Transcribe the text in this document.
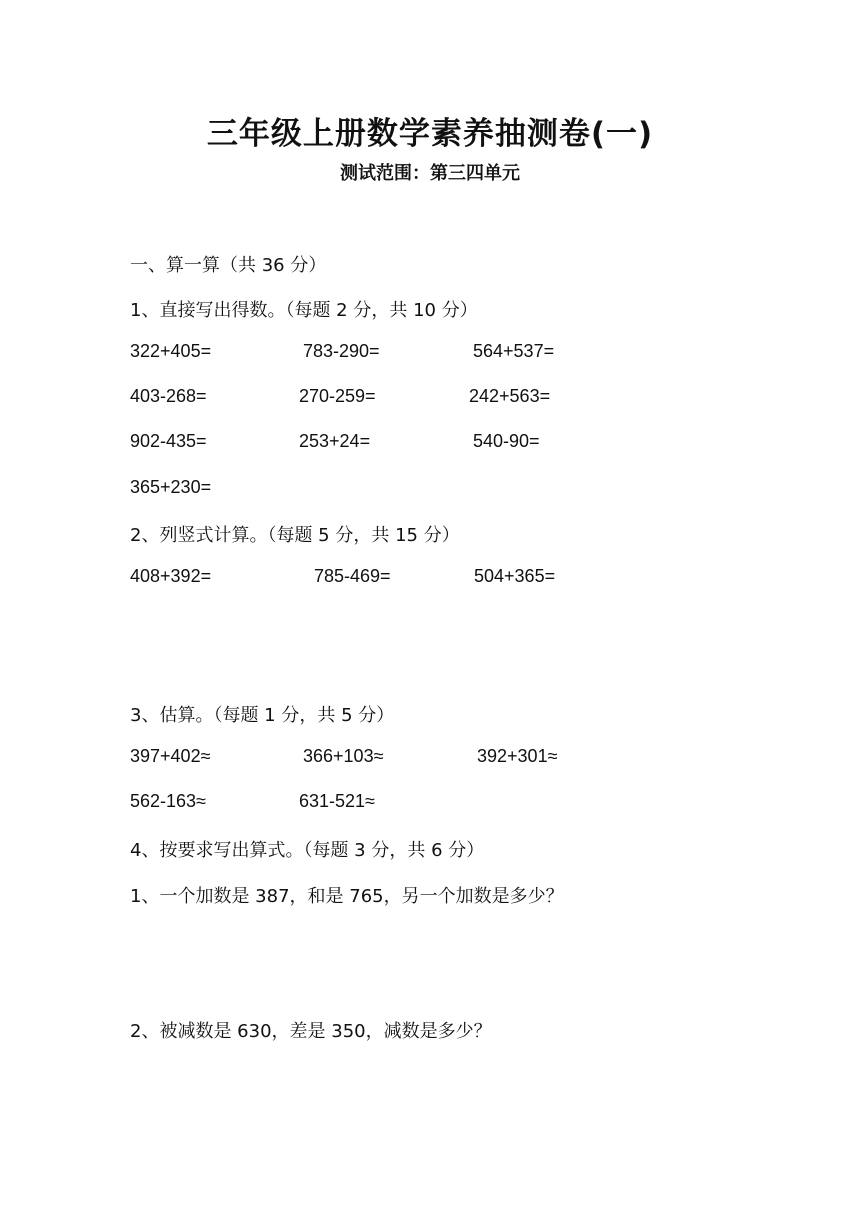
三年级上册数学素养抽测卷(一)
测试范围：第三四单元
一、算一算（共 36 分）
1、直接写出得数。（每题 2 分，共 10 分）
322+405=	783-290=	564+537=
403-268=	270-259=	242+563=
902-435=	253+24=	540-90=
365+230=
2、列竖式计算。（每题 5 分，共 15 分）
408+392=	785-469=	504+365=
3、估算。（每题 1 分，共 5 分）
397+402≈	366+103≈	392+301≈
562-163≈	631-521≈
4、按要求写出算式。（每题 3 分，共 6 分）
1、一个加数是 387，和是 765，另一个加数是多少？
2、被减数是 630，差是 350，减数是多少？
